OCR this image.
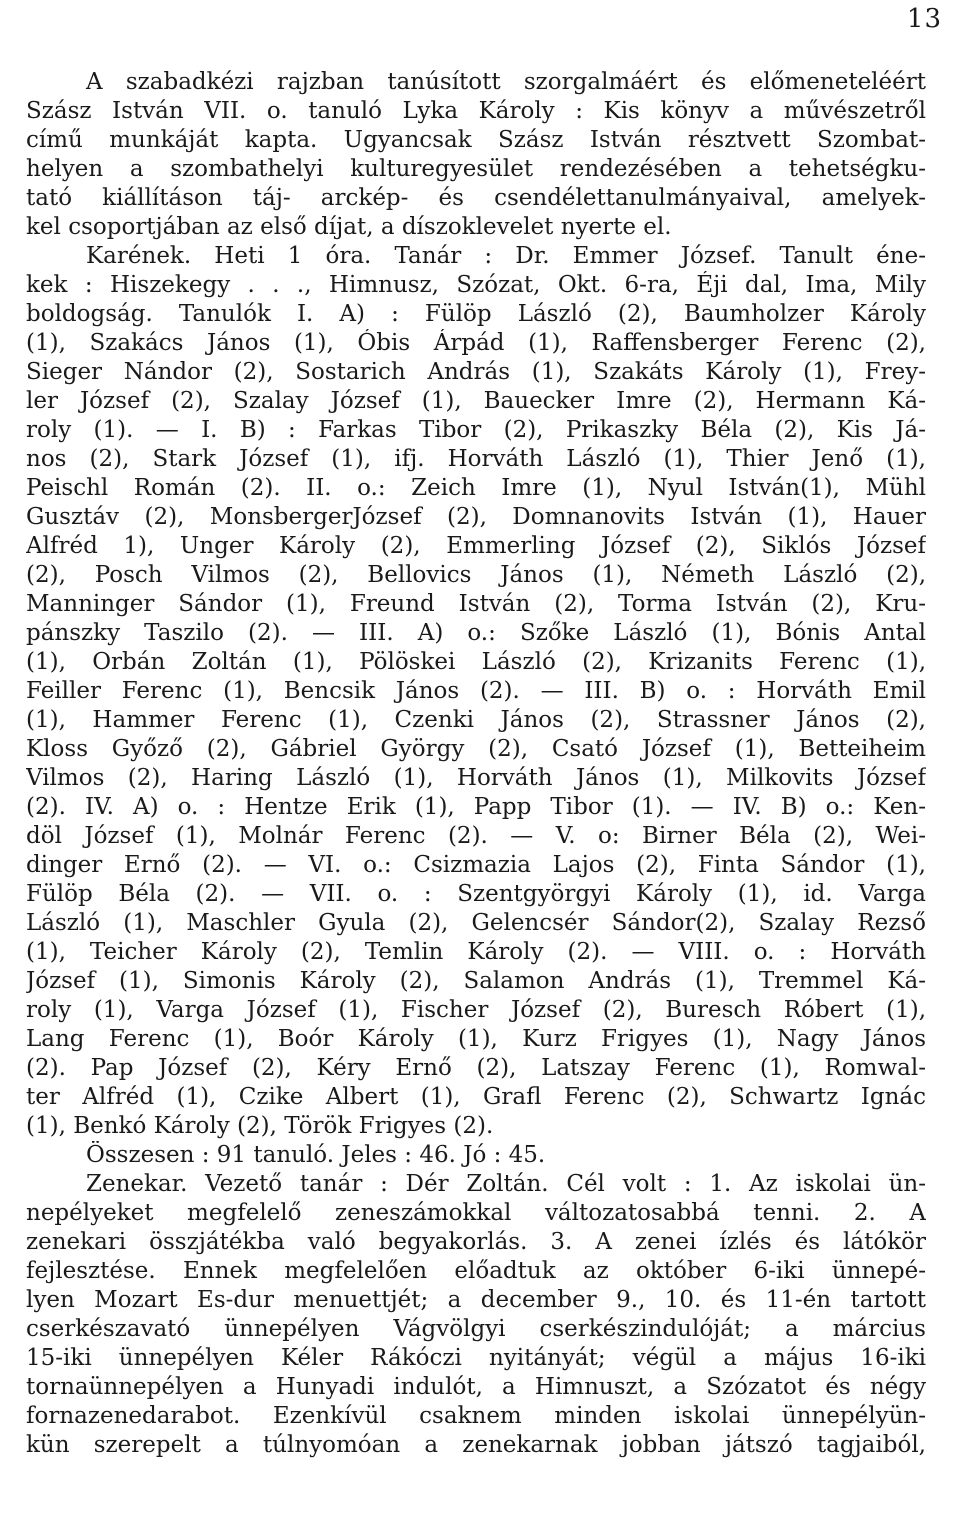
13
A szabadkézi rajzban tanúsított szorgalmáért és előmeneteléért
Szász István VII. o. tanuló Lyka Károly : Kis könyv a művészetről
című munkáját kapta. Ugyancsak Szász István résztvett Szombat-
helyen a szombathelyi kulturegyesület rendezésében a tehetségku-
tató kiállításon táj- arckép- és csendélettanulmányaival, amelyek-
kel csoportjában az első díjat, a díszoklevelet nyerte el.
Karének. Heti 1 óra. Tanár : Dr. Emmer József. Tanult éne-
kek : Hiszekegy . . ., Himnusz, Szózat, Okt. 6-ra, Éji dal, Ima, Mily
boldogság. Tanulók I. A) : Fülöp László (2), Baumholzer Károly
(1), Szakács János (1), Óbis Árpád (1), Raffensberger Ferenc (2),
Sieger Nándor (2), Sostarich András (1), Szakáts Károly (1), Frey-
ler József (2), Szalay József (1), Bauecker Imre (2), Hermann Ká-
roly (1). — I. B) : Farkas Tibor (2), Prikaszky Béla (2), Kis Já-
nos (2), Stark József (1), ifj. Horváth László (1), Thier Jenő (1),
Peischl Román (2). II. o.: Zeich Imre (1), Nyul István(1), Mühl
Gusztáv (2), MonsbergerJózsef (2), Domnanovits István (1), Hauer
Alfréd 1), Unger Károly (2), Emmerling József (2), Siklós József
(2), Posch Vilmos (2), Bellovics János (1), Németh László (2),
Manninger Sándor (1), Freund István (2), Torma István (2), Kru-
pánszky Taszilo (2). — III. A) o.: Szőke László (1), Bónis Antal
(1), Orbán Zoltán (1), Pölöskei László (2), Krizanits Ferenc (1),
Feiller Ferenc (1), Bencsik János (2). — III. B) o. : Horváth Emil
(1), Hammer Ferenc (1), Czenki János (2), Strassner János (2),
Kloss Győző (2), Gábriel György (2), Csató József (1), Betteiheim
Vilmos (2), Haring László (1), Horváth János (1), Milkovits József
(2). IV. A) o. : Hentze Erik (1), Papp Tibor (1). — IV. B) o.: Ken-
döl József (1), Molnár Ferenc (2). — V. o: Birner Béla (2), Wei-
dinger Ernő (2). — VI. o.: Csizmazia Lajos (2), Finta Sándor (1),
Fülöp Béla (2). — VII. o. : Szentgyörgyi Károly (1), id. Varga
László (1), Maschler Gyula (2), Gelencsér Sándor(2), Szalay Rezső
(1), Teicher Károly (2), Temlin Károly (2). — VIII. o. : Horváth
József (1), Simonis Károly (2), Salamon András (1), Tremmel Ká-
roly (1), Varga József (1), Fischer József (2), Buresch Róbert (1),
Lang Ferenc (1), Boór Károly (1), Kurz Frigyes (1), Nagy János
(2). Pap József (2), Kéry Ernő (2), Latszay Ferenc (1), Romwal-
ter Alfréd (1), Czike Albert (1), Grafl Ferenc (2), Schwartz Ignác
(1), Benkó Károly (2), Török Frigyes (2).
Összesen : 91 tanuló. Jeles : 46. Jó : 45.
Zenekar. Vezető tanár : Dér Zoltán. Cél volt : 1. Az iskolai ün-
nepélyeket megfelelő zeneszámokkal változatosabbá tenni. 2. A
zenekari összjátékba való begyakorlás. 3. A zenei ízlés és látókör
fejlesztése. Ennek megfelelően előadtuk az október 6-iki ünnepé-
lyen Mozart Es-dur menuettjét; a december 9., 10. és 11-én tartott
cserkészavató ünnepélyen Vágvölgyi cserkészindulóját; a március
15-iki ünnepélyen Kéler Rákóczi nyitányát; végül a május 16-iki
tornaünnepélyen a Hunyadi indulót, a Himnuszt, a Szózatot és négy
fornazenedarabot. Ezenkívül csaknem minden iskolai ünnepélyün-
kün szerepelt a túlnyomóan a zenekarnak jobban játszó tagjaiból,
